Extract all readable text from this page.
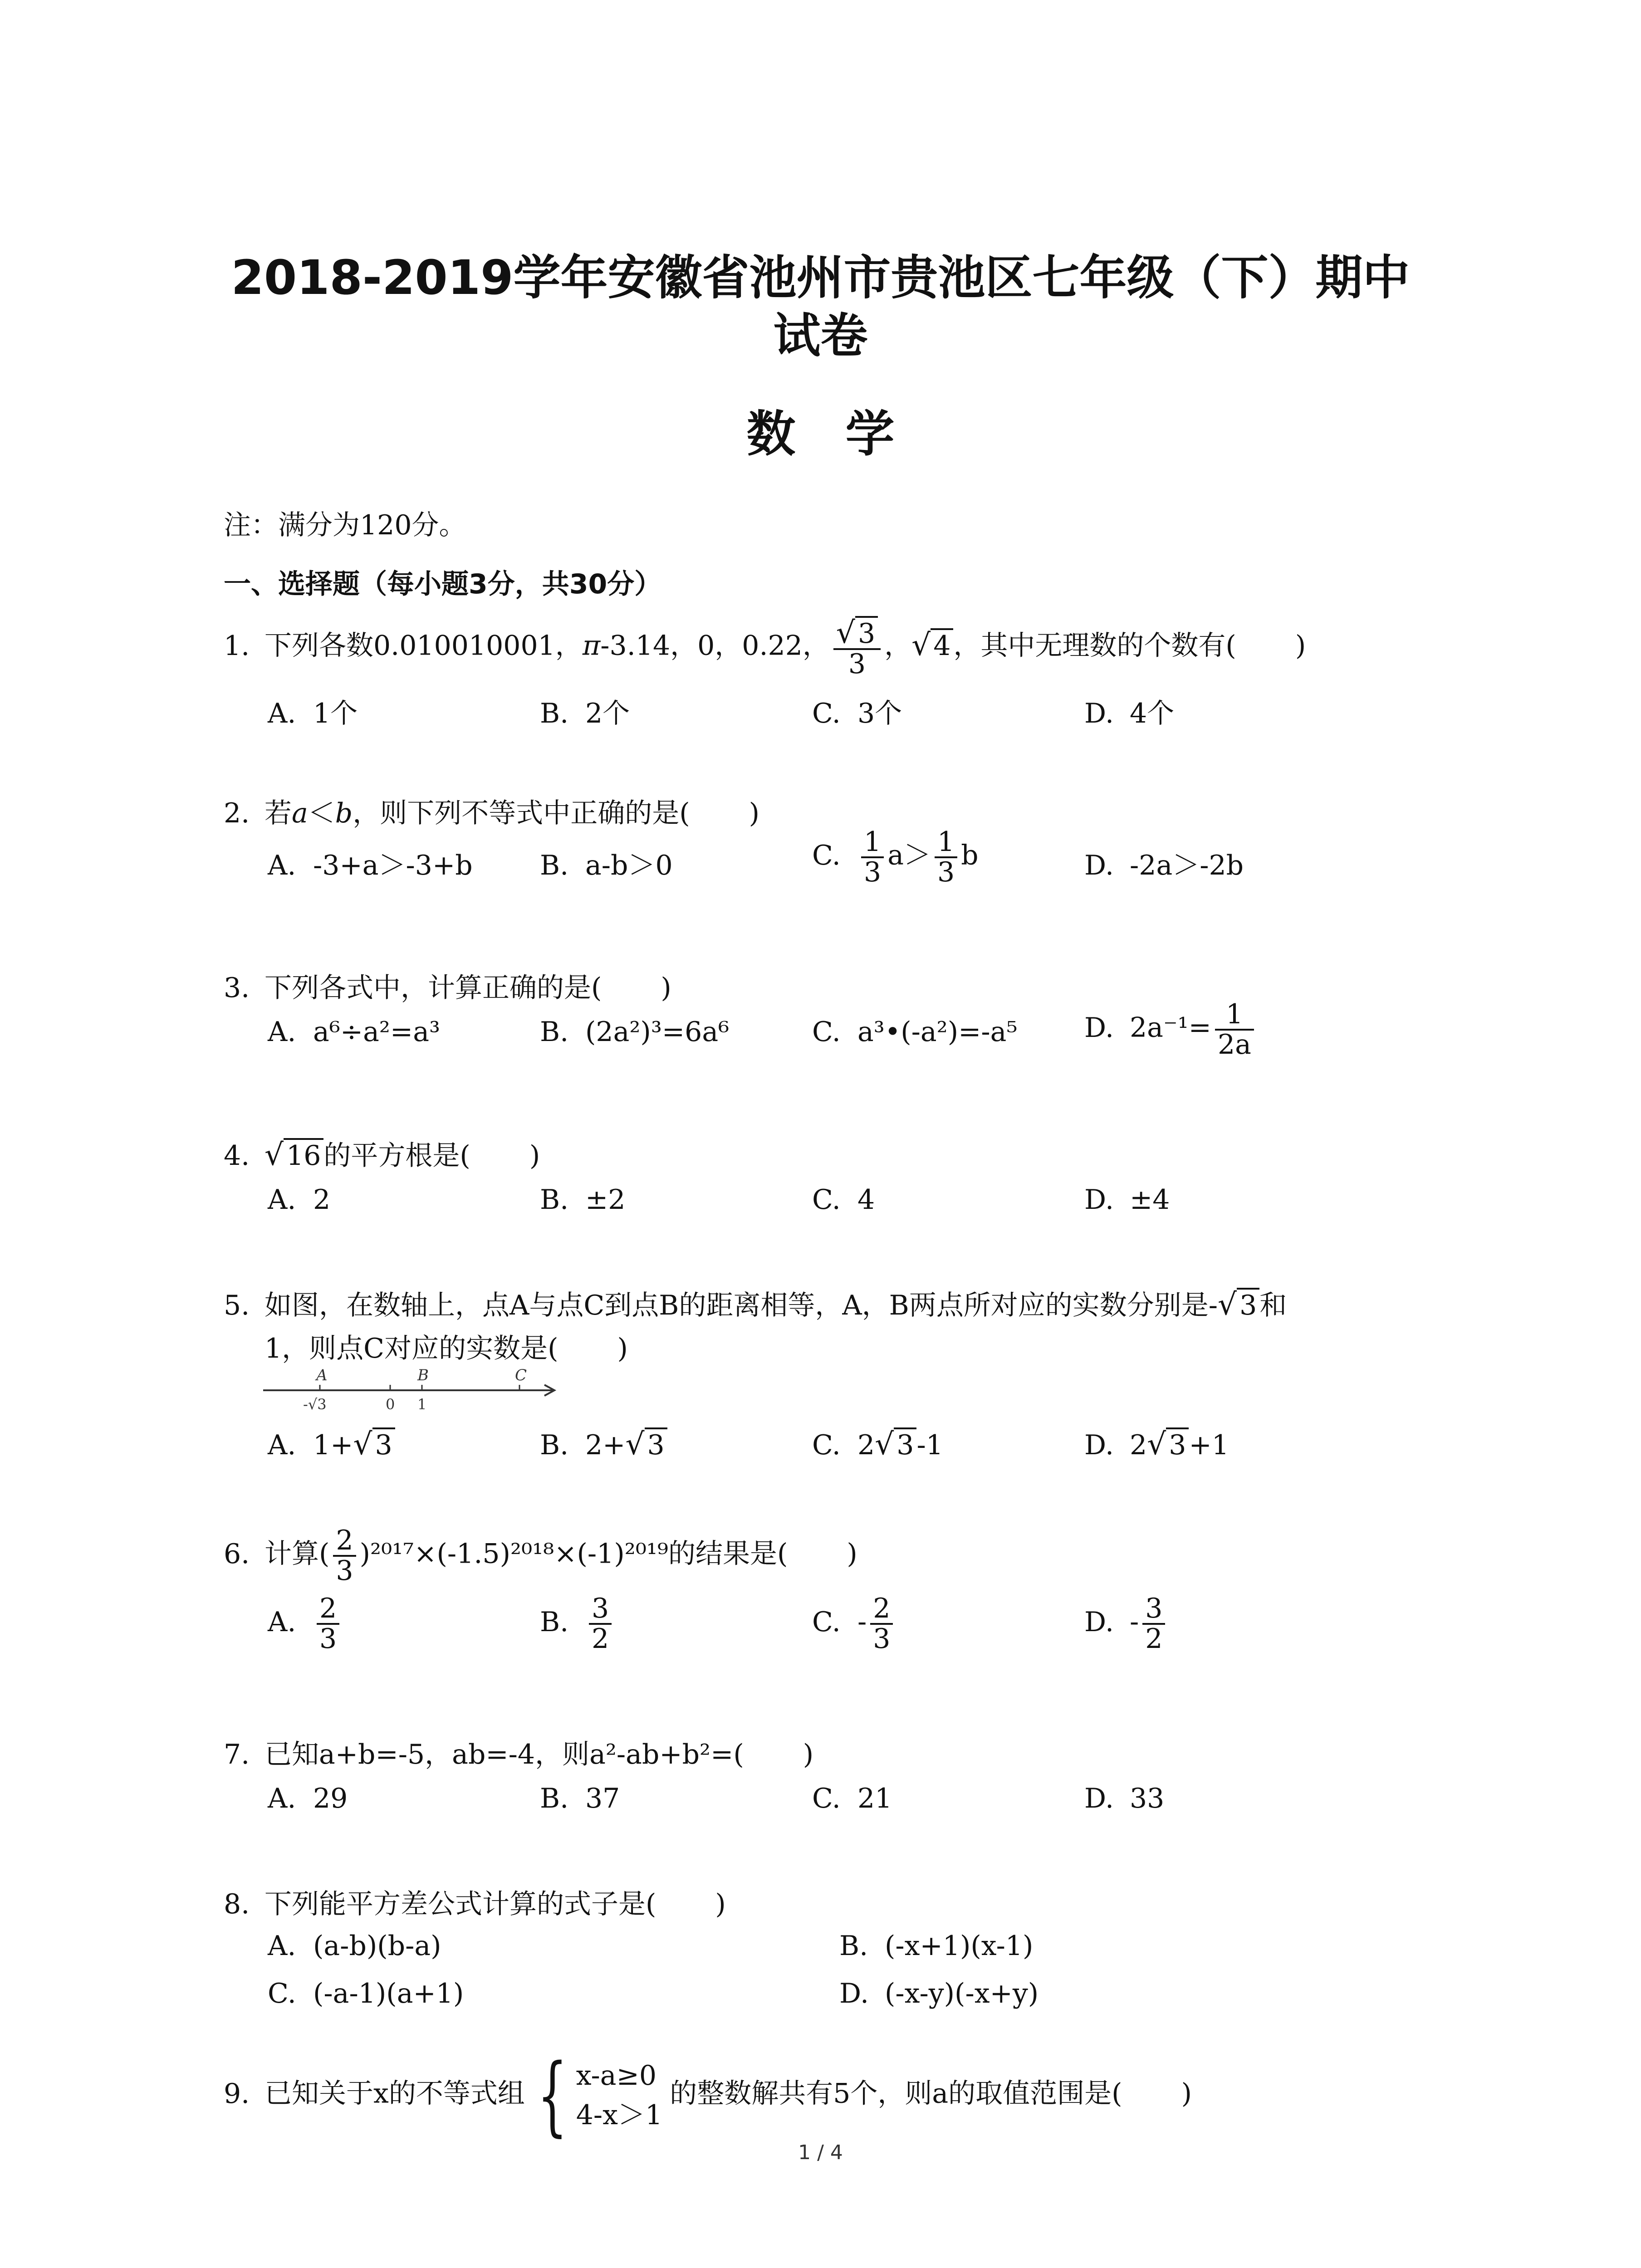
2018-2019学年安徽省池州市贵池区七年级（下）期中
试卷
数学
注：满分为120分。
一、选择题（每小题3分，共30分）
1. 下列各数0.010010001，π-3.14，0，0.22， $\frac{√ 3}{3}$ ，√ 4 ，其中无理数的个数有( )
A. 1个	B. 2个	C. 3个	D. 4个
2. 若a＜b，则下列不等式中正确的是( )
A. -3+a＞-3+b B. a-b＞0	C. $\frac{1}{3} a> \frac{1}{3}$ b	D. -2a＞-2b
3. 下列各式中，计算正确的是( )
A. a⁶÷a²=a³	B. (2a²)³=6a⁶	C. a³•(-a²)=-a⁵ D. $2a^{-1}= \frac{1}{2a}$
4. √ 16 的平方根是( )
A. 2	B. ±2	C. 4	D. ±4
5. 如图，在数轴上，点A与点C到点B的距离相等，A，B两点所对应的实数分别是-√ 3 和
1，则点C对应的实数是( )
A	B	C
-√3	0 1
A. 1+√ 3	B. 2+√ 3	C. 2√ 3 -1	D. 2√ 3 +1
6. 计算( $\frac{2}{3} )^{2017}\times(-1.5)^{2018}\times(-1)^{2019}$的结果是( )
A. $\frac{2}{3}$	B. $\frac{3}{2}$	C. - $\frac{2}{3}$	D. - $\frac{3}{2}$
7. 已知a+b=-5，ab=-4，则a²-ab+b²=( )
A. 29	B. 37	C. 21	D. 33
8. 下列能平方差公式计算的式子是( )
A. (a-b)(b-a)	B. (-x+1)(x-1)
C. (-a-1)(a+1)	D. (-x-y)(-x+y)
9. 已知关于x的不等式组 { x-a≥0
4-x＞1
的整数解共有5个，则a的取值范围是( )
1 / 4
